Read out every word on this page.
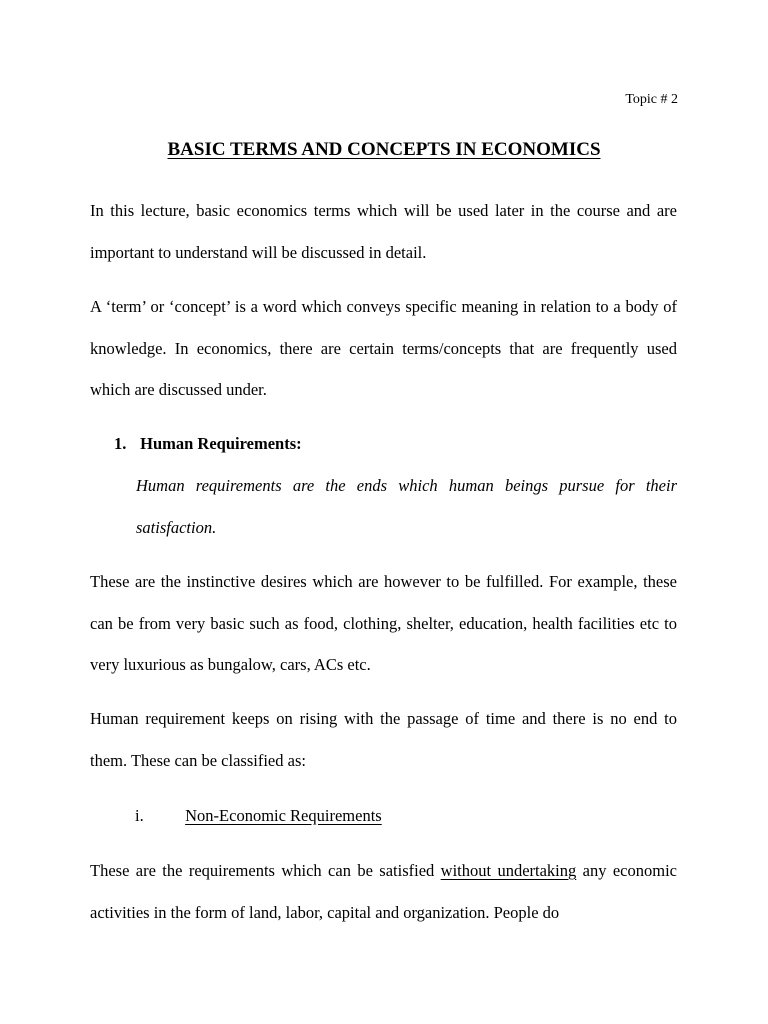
Topic # 2
BASIC TERMS AND CONCEPTS IN ECONOMICS

In this lecture, basic economics terms which will be used later in the course and are important to understand will be discussed in detail.

A ‘term’ or ‘concept’ is a word which conveys specific meaning in relation to a body of knowledge. In economics, there are certain terms/concepts that are frequently used which are discussed under.

1. Human Requirements:

Human requirements are the ends which human beings pursue for their satisfaction.

These are the instinctive desires which are however to be fulfilled. For example, these can be from very basic such as food, clothing, shelter, education, health facilities etc to very luxurious as bungalow, cars, ACs etc.

Human requirement keeps on rising with the passage of time and there is no end to them. These can be classified as:

i.	Non-Economic Requirements

These are the requirements which can be satisfied without undertaking any economic activities in the form of land, labor, capital and organization. People do
